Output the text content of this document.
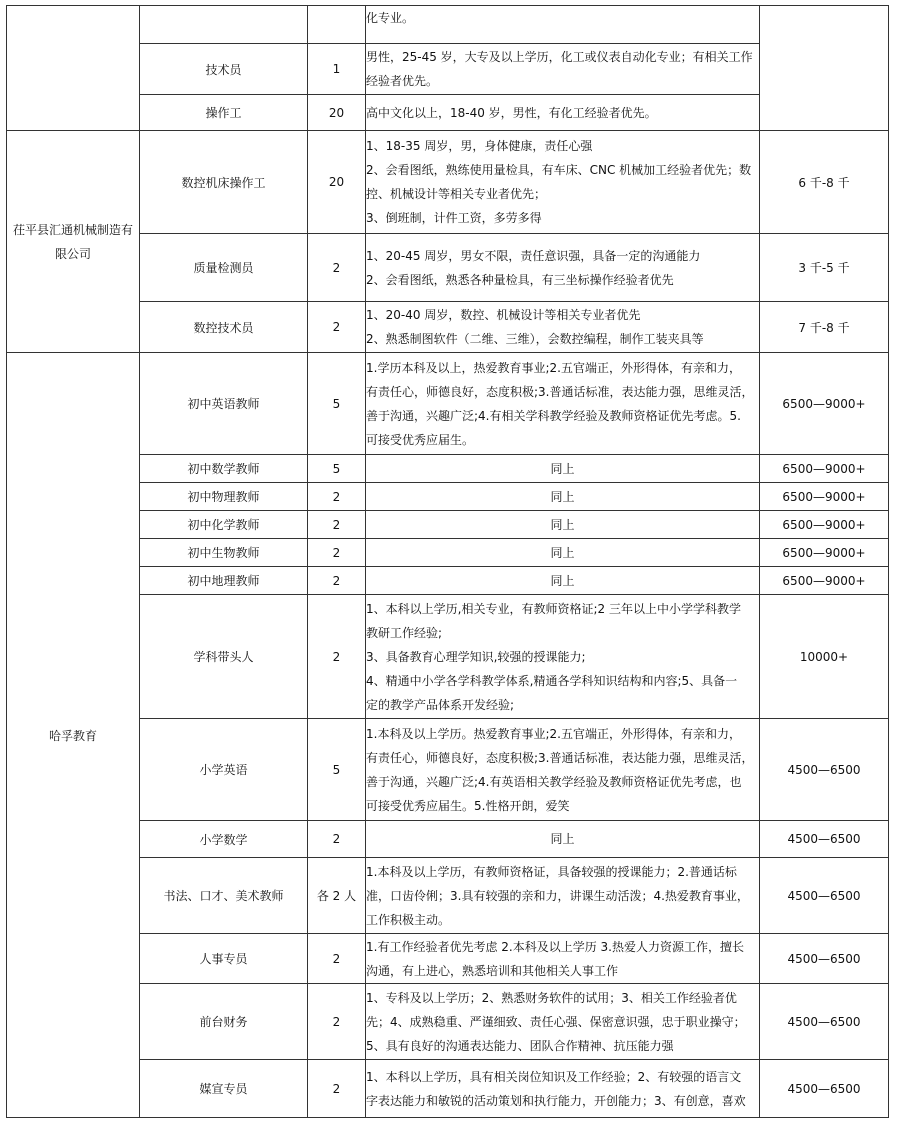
			化专业。	

	技术员	1	男性，25-45 岁，大专及以上学历，化工或仪表自动化专业；有相关工作
经验者优先。	

	操作工	20	高中文化以上，18-40 岁，男性，有化工经验者优先。	

茌平县汇通机械制造有限公司	数控机床操作工	20	1、18-35 周岁，男，身体健康，责任心强
2、会看图纸，熟练使用量检具，有车床、CNC 机械加工经验者优先；数
控、机械设计等相关专业者优先；
3、倒班制，计件工资，多劳多得	6 千-8 千
	质量检测员	2	1、20-45 周岁，男女不限，责任意识强，具备一定的沟通能力
2、会看图纸，熟悉各种量检具，有三坐标操作经验者优先	3 千-5 千
	数控技术员	2	1、20-40 周岁，数控、机械设计等相关专业者优先
2、熟悉制图软件（二维、三维），会数控编程，制作工装夹具等	7 千-8 千
哈孚教育	初中英语教师	5	1.学历本科及以上，热爱教育事业;2.五官端正，外形得体，有亲和力，
有责任心，师德良好，态度积极;3.普通话标准，表达能力强，思维灵活，
善于沟通，兴趣广泛;4.有相关学科教学经验及教师资格证优先考虑。5.
可接受优秀应届生。	6500—9000+
	初中数学教师	5	同上	6500—9000+
	初中物理教师	2	同上	6500—9000+
	初中化学教师	2	同上	6500—9000+
	初中生物教师	2	同上	6500—9000+
	初中地理教师	2	同上	6500—9000+
	学科带头人	2	1、本科以上学历,相关专业，有教师资格证;2 三年以上中小学学科教学
教研工作经验;
3、具备教育心理学知识,较强的授课能力;
4、精通中小学各学科教学体系,精通各学科知识结构和内容;5、具备一
定的教学产品体系开发经验;	10000+
	小学英语	5	1.本科及以上学历。热爱教育事业;2.五官端正，外形得体，有亲和力，
有责任心，师德良好，态度积极;3.普通话标准，表达能力强，思维灵活，
善于沟通，兴趣广泛;4.有英语相关教学经验及教师资格证优先考虑，也
可接受优秀应届生。5.性格开朗，爱笑	4500—6500
	小学数学	2	同上	4500—6500
	书法、口才、美术教师	各 2 人	1.本科及以上学历，有教师资格证，具备较强的授课能力；2.普通话标
准，口齿伶俐；3.具有较强的亲和力，讲课生动活泼；4.热爱教育事业，
工作积极主动。	4500—6500
	人事专员	2	1.有工作经验者优先考虑 2.本科及以上学历 3.热爱人力资源工作，擅长
沟通，有上进心，熟悉培训和其他相关人事工作	4500—6500
	前台财务	2	1、专科及以上学历；2、熟悉财务软件的试用；3、相关工作经验者优
先；4、成熟稳重、严谨细致、责任心强、保密意识强，忠于职业操守；
5、具有良好的沟通表达能力、团队合作精神、抗压能力强	4500—6500
	媒宣专员	2	1、本科以上学历，具有相关岗位知识及工作经验；2、有较强的语言文
字表达能力和敏锐的活动策划和执行能力，开创能力；3、有创意，喜欢	4500—6500
